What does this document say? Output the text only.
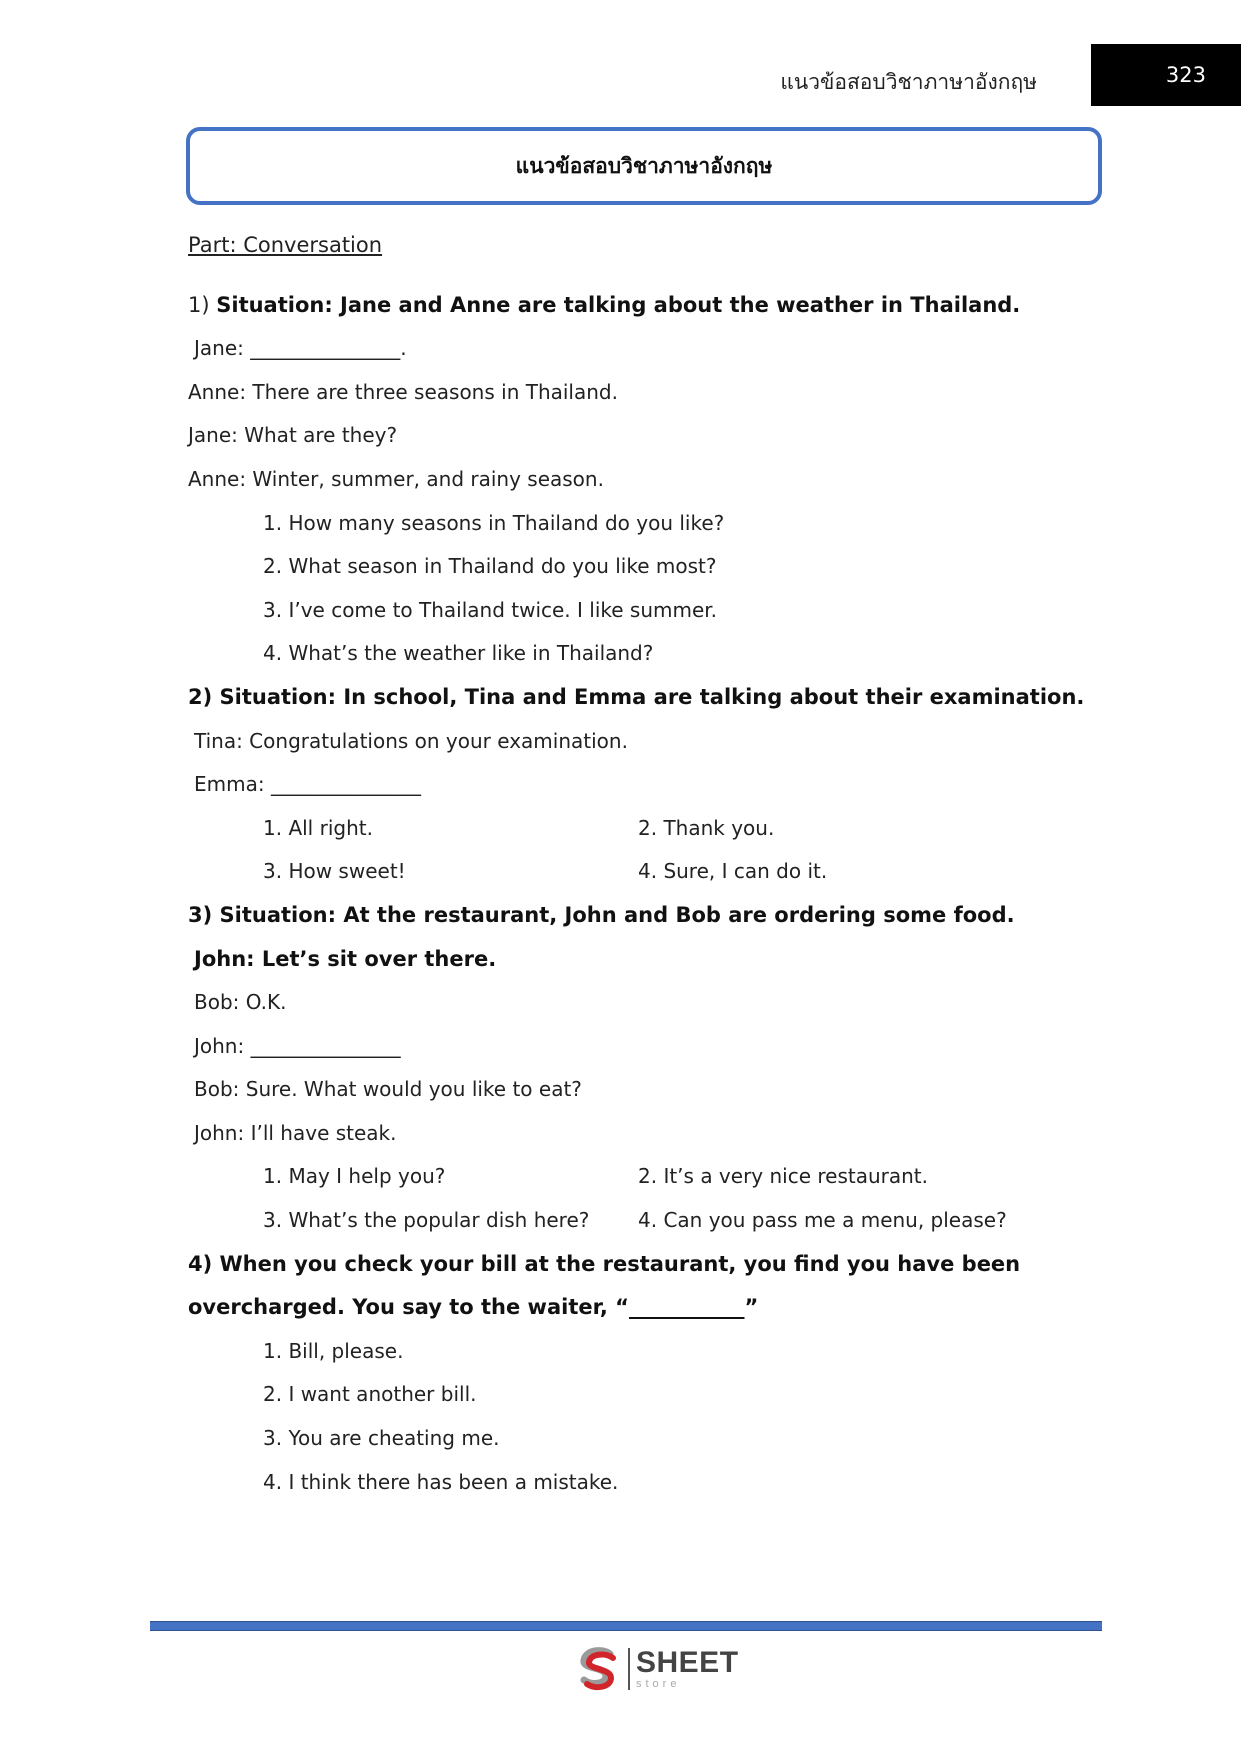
แนวข้อสอบวิชาภาษาอังกฤษ	323
แนวข้อสอบวิชาภาษาอังกฤษ
Part: Conversation
1) Situation: Jane and Anne are talking about the weather in Thailand.
Jane: _______________.
Anne: There are three seasons in Thailand.
Jane: What are they?
Anne: Winter, summer, and rainy season.
1. How many seasons in Thailand do you like?
2. What season in Thailand do you like most?
3. I’ve come to Thailand twice. I like summer.
4. What’s the weather like in Thailand?
2) Situation: In school, Tina and Emma are talking about their examination.
Tina: Congratulations on your examination.
Emma: _______________
1. All right.	2. Thank you.
3. How sweet!	4. Sure, I can do it.
3) Situation: At the restaurant, John and Bob are ordering some food.
John: Let’s sit over there.
Bob: O.K.
John: _______________
Bob: Sure. What would you like to eat?
John: I’ll have steak.
1. May I help you?	2. It’s a very nice restaurant.
3. What’s the popular dish here?	4. Can you pass me a menu, please?
4) When you check your bill at the restaurant, you find you have been
overcharged. You say to the waiter, “___________”
1. Bill, please.
2. I want another bill.
3. You are cheating me.
4. I think there has been a mistake.
SHEET
store
